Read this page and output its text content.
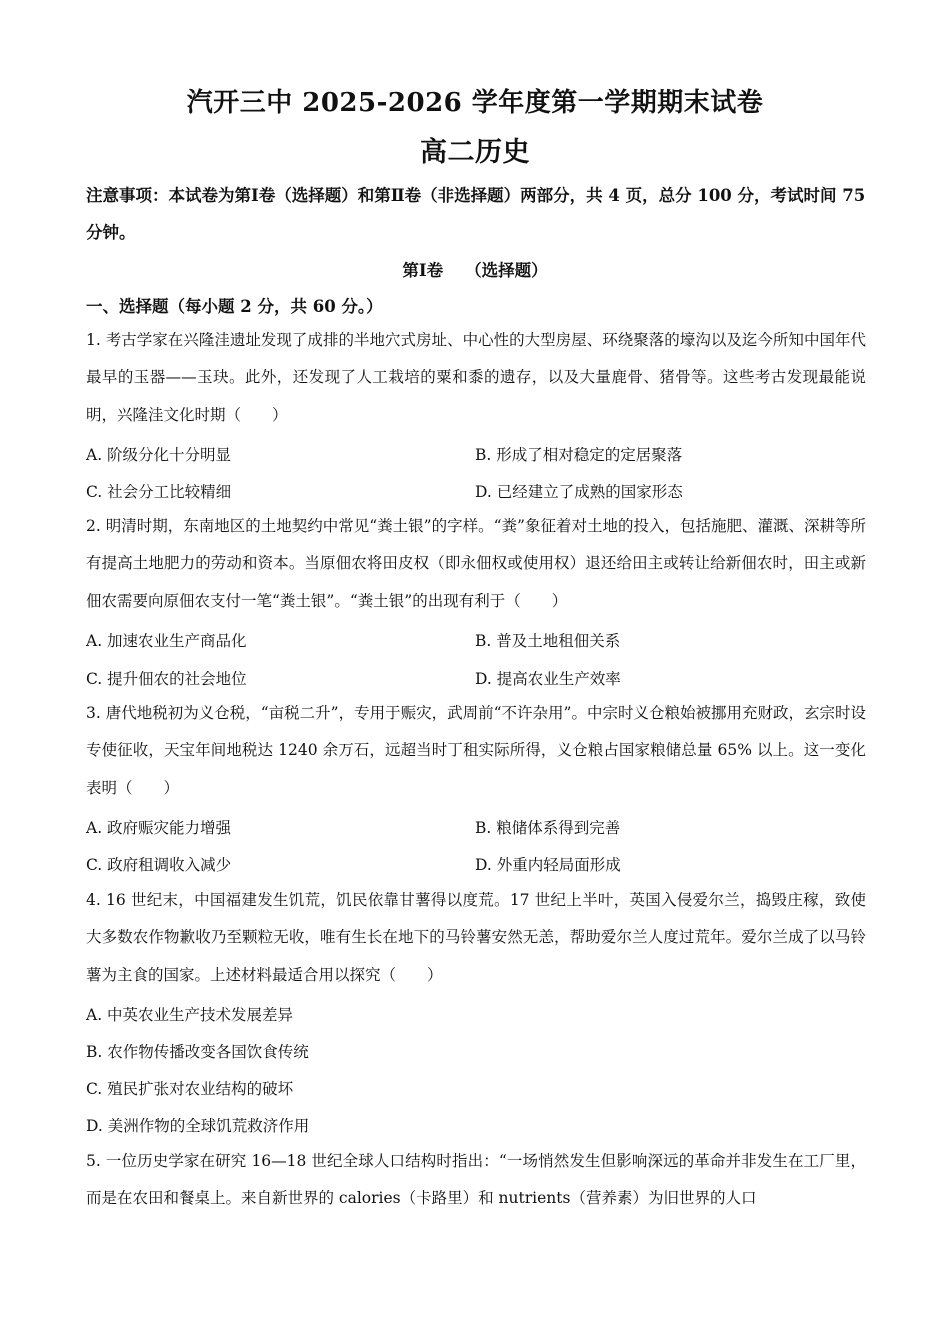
汽开三中 2025-2026 学年度第一学期期末试卷
高二历史
注意事项：本试卷为第Ⅰ卷（选择题）和第Ⅱ卷（非选择题）两部分，共 4 页，总分 100 分，考试时间 75 分钟。
第Ⅰ卷 （选择题）
一、选择题（每小题 2 分，共 60 分。）
1. 考古学家在兴隆洼遗址发现了成排的半地穴式房址、中心性的大型房屋、环绕聚落的壕沟以及迄今所知中国年代最早的玉器——玉玦。此外，还发现了人工栽培的粟和黍的遗存，以及大量鹿骨、猪骨等。这些考古发现最能说明，兴隆洼文化时期（　　）
A. 阶级分化十分明显	B. 形成了相对稳定的定居聚落
C. 社会分工比较精细	D. 已经建立了成熟的国家形态
2. 明清时期，东南地区的土地契约中常见“粪土银”的字样。“粪”象征着对土地的投入，包括施肥、灌溉、深耕等所有提高土地肥力的劳动和资本。当原佃农将田皮权（即永佃权或使用权）退还给田主或转让给新佃农时，田主或新佃农需要向原佃农支付一笔“粪土银”。“粪土银”的出现有利于（　　）
A. 加速农业生产商品化	B. 普及土地租佃关系
C. 提升佃农的社会地位	D. 提高农业生产效率
3. 唐代地税初为义仓税，“亩税二升”，专用于赈灾，武周前“不许杂用”。中宗时义仓粮始被挪用充财政，玄宗时设专使征收，天宝年间地税达 1240 余万石，远超当时丁租实际所得，义仓粮占国家粮储总量 65% 以上。这一变化表明（　　）
A. 政府赈灾能力增强	B. 粮储体系得到完善
C. 政府租调收入减少	D. 外重内轻局面形成
4. 16 世纪末，中国福建发生饥荒，饥民依靠甘薯得以度荒。17 世纪上半叶，英国入侵爱尔兰，捣毁庄稼，致使大多数农作物歉收乃至颗粒无收，唯有生长在地下的马铃薯安然无恙，帮助爱尔兰人度过荒年。爱尔兰成了以马铃薯为主食的国家。上述材料最适合用以探究（　　）
A. 中英农业生产技术发展差异
B. 农作物传播改变各国饮食传统
C. 殖民扩张对农业结构的破坏
D. 美洲作物的全球饥荒救济作用
5. 一位历史学家在研究 16—18 世纪全球人口结构时指出：“一场悄然发生但影响深远的革命并非发生在工厂里，而是在农田和餐桌上。来自新世界的 calories（卡路里）和 nutrients（营养素）为旧世界的人口
